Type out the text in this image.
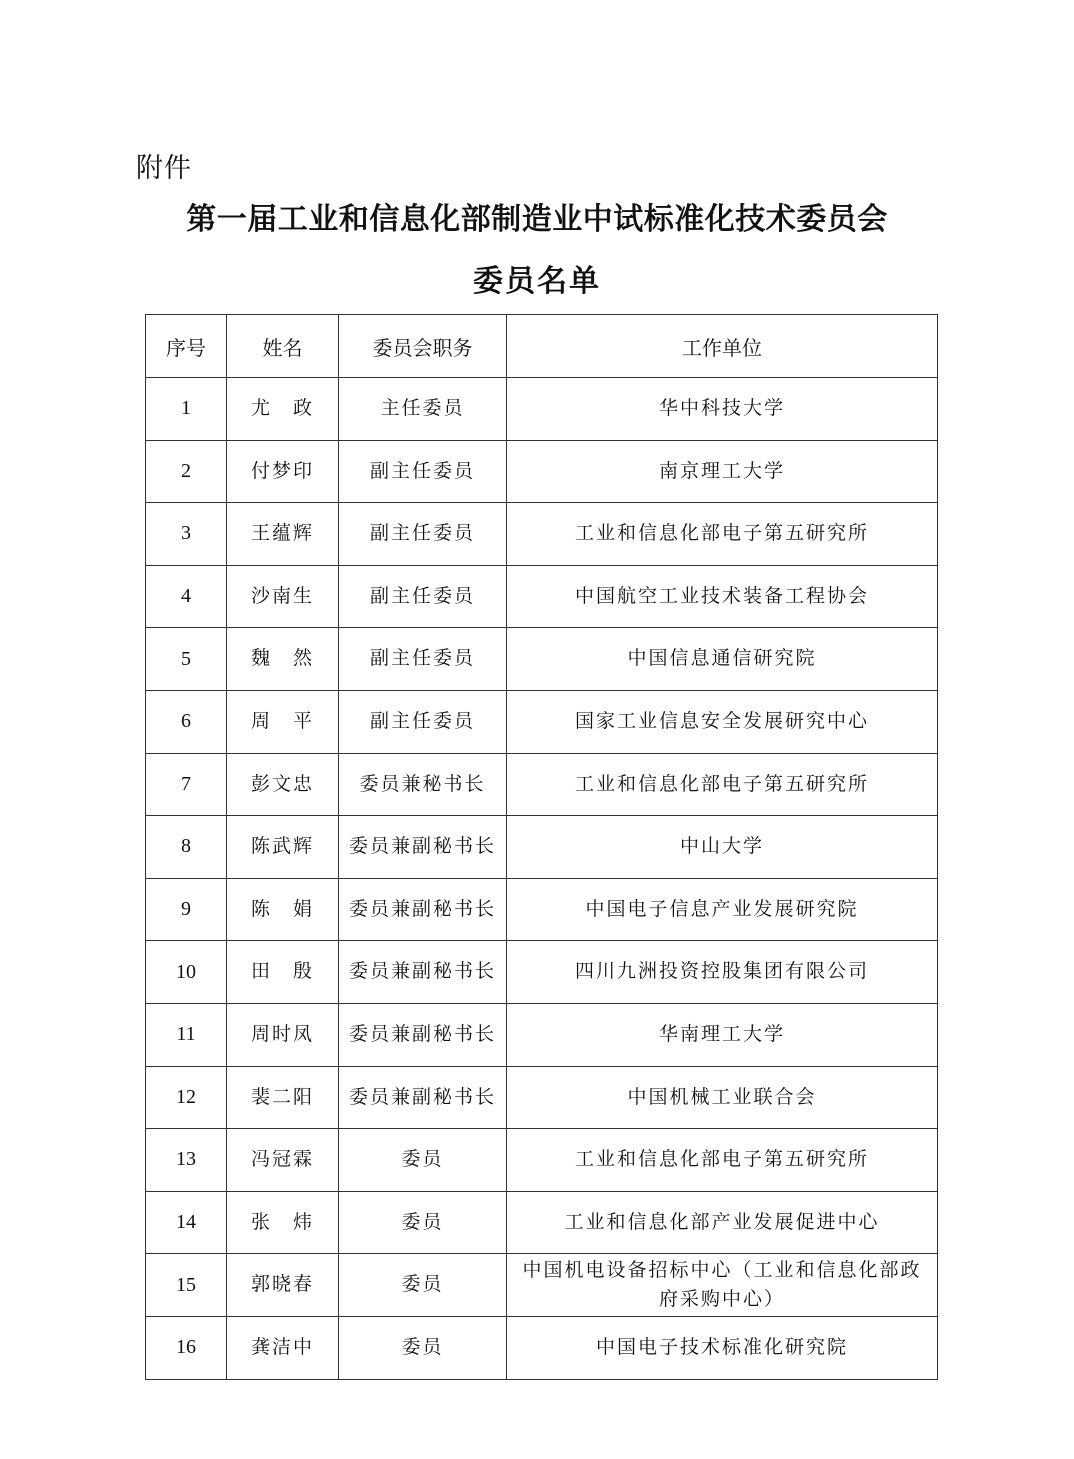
附件
第一届工业和信息化部制造业中试标准化技术委员会
委员名单
序号	姓名	委员会职务	工作单位
1	尤　政	主任委员	华中科技大学
2	付梦印	副主任委员	南京理工大学
3	王蕴辉	副主任委员	工业和信息化部电子第五研究所
4	沙南生	副主任委员	中国航空工业技术装备工程协会
5	魏　然	副主任委员	中国信息通信研究院
6	周　平	副主任委员	国家工业信息安全发展研究中心
7	彭文忠	委员兼秘书长	工业和信息化部电子第五研究所
8	陈武辉	委员兼副秘书长	中山大学
9	陈　娟	委员兼副秘书长	中国电子信息产业发展研究院
10	田　殷	委员兼副秘书长	四川九洲投资控股集团有限公司
11	周时凤	委员兼副秘书长	华南理工大学
12	裴二阳	委员兼副秘书长	中国机械工业联合会
13	冯冠霖	委员	工业和信息化部电子第五研究所
14	张　炜	委员	工业和信息化部产业发展促进中心
15	郭晓春	委员	中国机电设备招标中心（工业和信息化部政府采购中心）
16	龚洁中	委员	中国电子技术标准化研究院
